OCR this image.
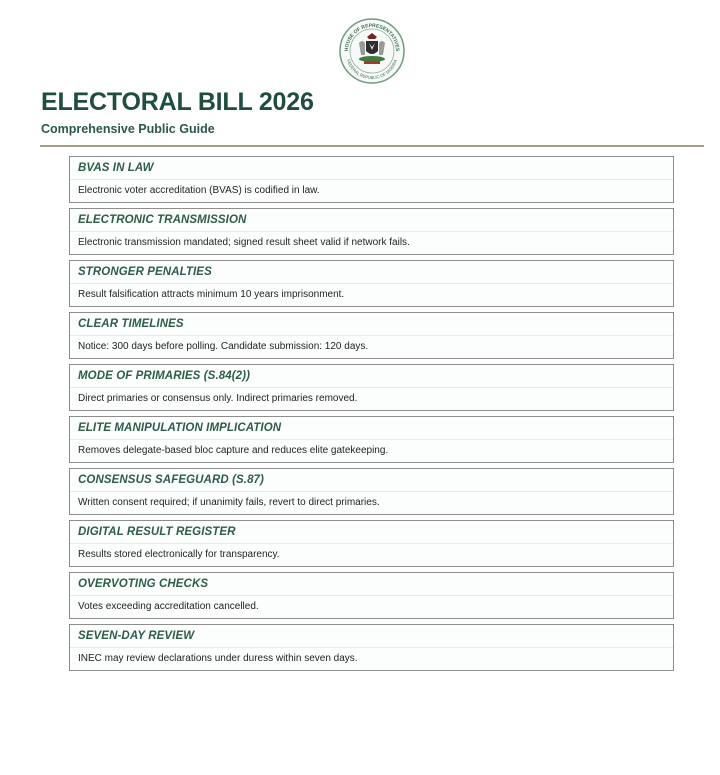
HOUSE OF REPRESENTATIVES
FEDERAL REPUBLIC OF NIGERIA
ELECTORAL BILL 2026

Comprehensive Public Guide

BVAS IN LAW
Electronic voter accreditation (BVAS) is codified in law.
ELECTRONIC TRANSMISSION
Electronic transmission mandated; signed result sheet valid if network fails.
STRONGER PENALTIES
Result falsification attracts minimum 10 years imprisonment.
CLEAR TIMELINES
Notice: 300 days before polling. Candidate submission: 120 days.
MODE OF PRIMARIES (S.84(2))
Direct primaries or consensus only. Indirect primaries removed.
ELITE MANIPULATION IMPLICATION
Removes delegate-based bloc capture and reduces elite gatekeeping.
CONSENSUS SAFEGUARD (S.87)
Written consent required; if unanimity fails, revert to direct primaries.
DIGITAL RESULT REGISTER
Results stored electronically for transparency.
OVERVOTING CHECKS
Votes exceeding accreditation cancelled.
SEVEN-DAY REVIEW
INEC may review declarations under duress within seven days.
